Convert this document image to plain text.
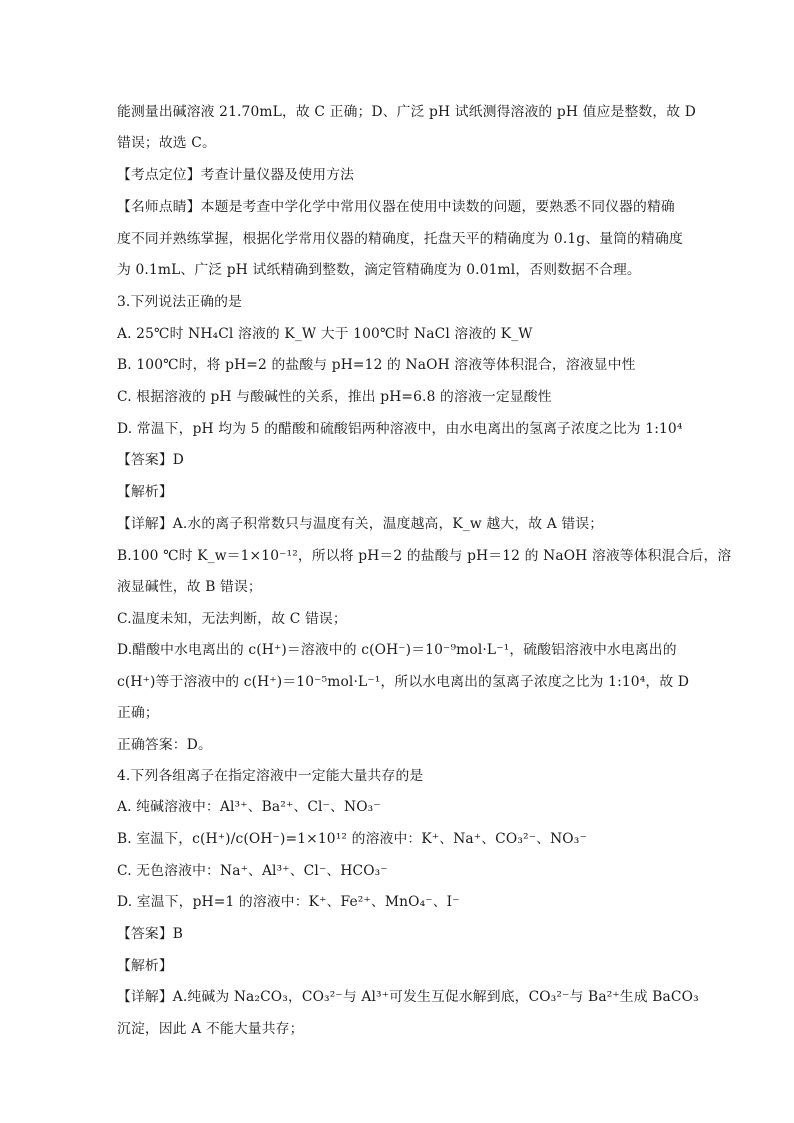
能测量出碱溶液 21.70mL，故 C 正确；D、广泛 pH 试纸测得溶液的 pH 值应是整数，故 D
错误；故选 C。
【考点定位】考查计量仪器及使用方法
【名师点睛】本题是考查中学化学中常用仪器在使用中读数的问题，要熟悉不同仪器的精确
度不同并熟练掌握，根据化学常用仪器的精确度，托盘天平的精确度为 0.1g、量筒的精确度
为 0.1mL、广泛 pH 试纸精确到整数，滴定管精确度为 0.01ml，否则数据不合理。
3.下列说法正确的是
A. 25℃时 NH₄Cl 溶液的 K_W 大于 100℃时 NaCl 溶液的 K_W
B. 100℃时，将 pH=2 的盐酸与 pH=12 的 NaOH 溶液等体积混合，溶液显中性
C. 根据溶液的 pH 与酸碱性的关系，推出 pH=6.8 的溶液一定显酸性
D. 常温下，pH 均为 5 的醋酸和硫酸铝两种溶液中，由水电离出的氢离子浓度之比为 1:10⁴
【答案】D
【解析】
【详解】A.水的离子积常数只与温度有关，温度越高，K_w 越大，故 A 错误；
B.100 ℃时 K_w＝1×10⁻¹²，所以将 pH＝2 的盐酸与 pH＝12 的 NaOH 溶液等体积混合后，溶
液显碱性，故 B 错误；
C.温度未知，无法判断，故 C 错误；
D.醋酸中水电离出的 c(H⁺)＝溶液中的 c(OH⁻)＝10⁻⁹mol·L⁻¹，硫酸铝溶液中水电离出的
c(H⁺)等于溶液中的 c(H⁺)＝10⁻⁵mol·L⁻¹，所以水电离出的氢离子浓度之比为 1:10⁴，故 D
正确；
正确答案：D。
4.下列各组离子在指定溶液中一定能大量共存的是
A. 纯碱溶液中：Al³⁺、Ba²⁺、Cl⁻、NO₃⁻
B. 室温下，c(H⁺)/c(OH⁻)=1×10¹² 的溶液中：K⁺、Na⁺、CO₃²⁻、NO₃⁻
C. 无色溶液中：Na⁺、Al³⁺、Cl⁻、HCO₃⁻
D. 室温下，pH=1 的溶液中：K⁺、Fe²⁺、MnO₄⁻、I⁻
【答案】B
【解析】
【详解】A.纯碱为 Na₂CO₃，CO₃²⁻与 Al³⁺可发生互促水解到底，CO₃²⁻与 Ba²⁺生成 BaCO₃
沉淀，因此 A 不能大量共存；
